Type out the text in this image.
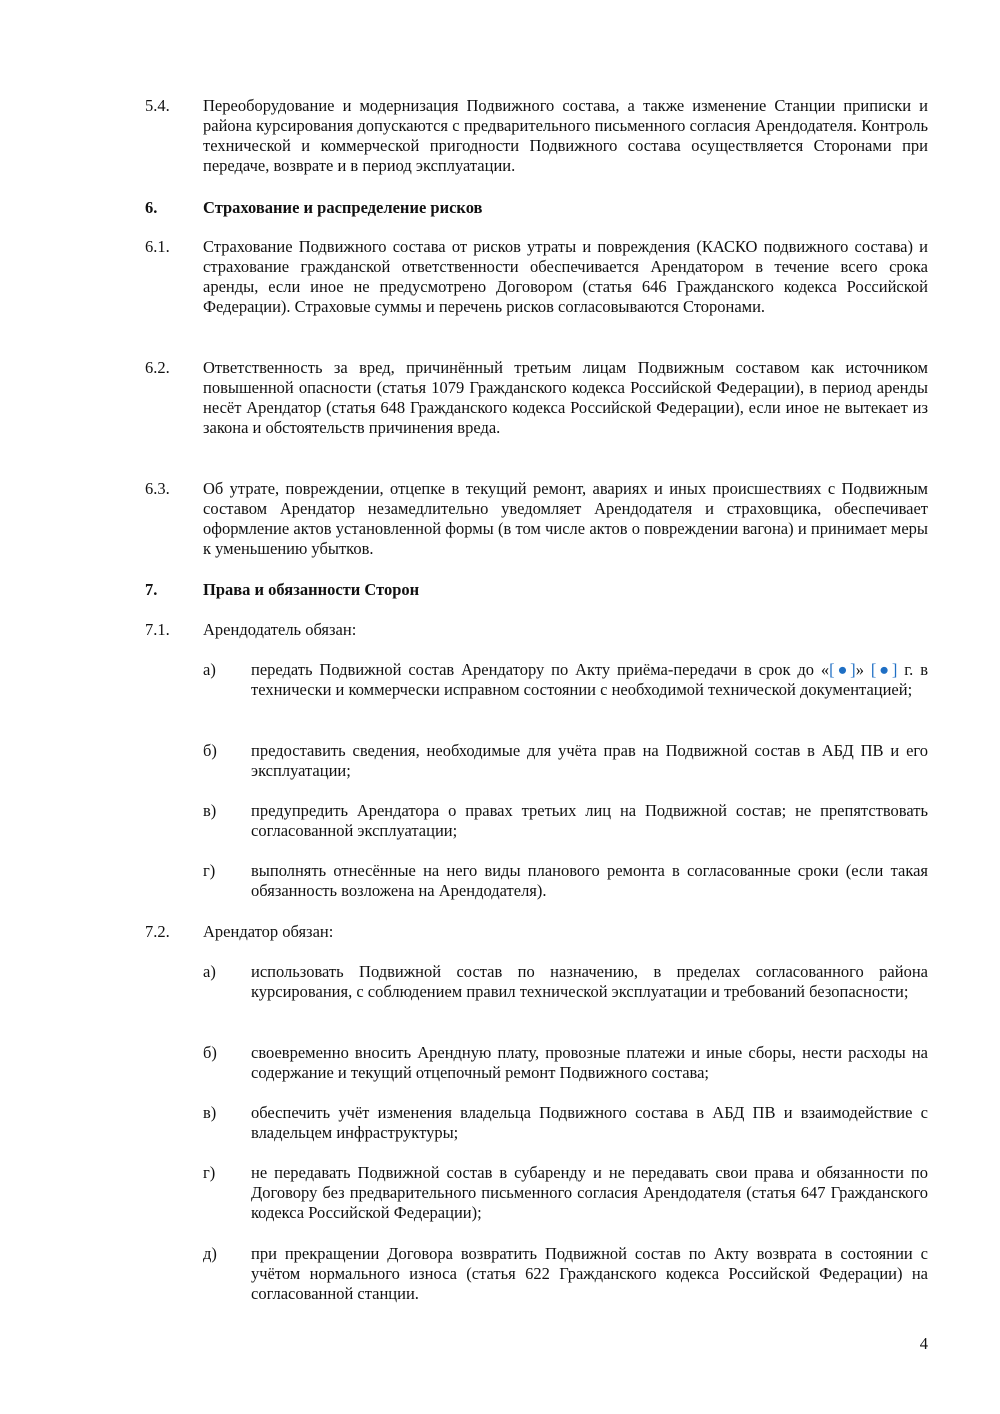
5.4.	Переоборудование и модернизация Подвижного состава, а также изменение Станции приписки и района курсирования допускаются с предварительного письменного согласия Арендодателя. Контроль технической и коммерческой пригодности Подвижного состава осуществляется Сторонами при передаче, возврате и в период эксплуатации.
6.	Страхование и распределение рисков
6.1.	Страхование Подвижного состава от рисков утраты и повреждения (КАСКО подвижного состава) и страхование гражданской ответственности обеспечивается Арендатором в течение всего срока аренды, если иное не предусмотрено Договором (статья 646 Гражданского кодекса Российской Федерации). Страховые суммы и перечень рисков согласовываются Сторонами.
6.2.	Ответственность за вред, причинённый третьим лицам Подвижным составом как источником повышенной опасности (статья 1079 Гражданского кодекса Российской Федерации), в период аренды несёт Арендатор (статья 648 Гражданского кодекса Российской Федерации), если иное не вытекает из закона и обстоятельств причинения вреда.
6.3.	Об утрате, повреждении, отцепке в текущий ремонт, авариях и иных происшествиях с Подвижным составом Арендатор незамедлительно уведомляет Арендодателя и страховщика, обеспечивает оформление актов установленной формы (в том числе актов о повреждении вагона) и принимает меры к уменьшению убытков.
7.	Права и обязанности Сторон
7.1.	Арендодатель обязан:
а)	передать Подвижной состав Арендатору по Акту приёма-передачи в срок до «[●]» [●] г. в технически и коммерчески исправном состоянии с необходимой технической документацией;
б)	предоставить сведения, необходимые для учёта прав на Подвижной состав в АБД ПВ и его эксплуатации;
в)	предупредить Арендатора о правах третьих лиц на Подвижной состав; не препятствовать согласованной эксплуатации;
г)	выполнять отнесённые на него виды планового ремонта в согласованные сроки (если такая обязанность возложена на Арендодателя).
7.2.	Арендатор обязан:
а)	использовать Подвижной состав по назначению, в пределах согласованного района курсирования, с соблюдением правил технической эксплуатации и требований безопасности;
б)	своевременно вносить Арендную плату, провозные платежи и иные сборы, нести расходы на содержание и текущий отцепочный ремонт Подвижного состава;
в)	обеспечить учёт изменения владельца Подвижного состава в АБД ПВ и взаимодействие с владельцем инфраструктуры;
г)	не передавать Подвижной состав в субаренду и не передавать свои права и обязанности по Договору без предварительного письменного согласия Арендодателя (статья 647 Гражданского кодекса Российской Федерации);
д)	при прекращении Договора возвратить Подвижной состав по Акту возврата в состоянии с учётом нормального износа (статья 622 Гражданского кодекса Российской Федерации) на согласованной станции.
4
